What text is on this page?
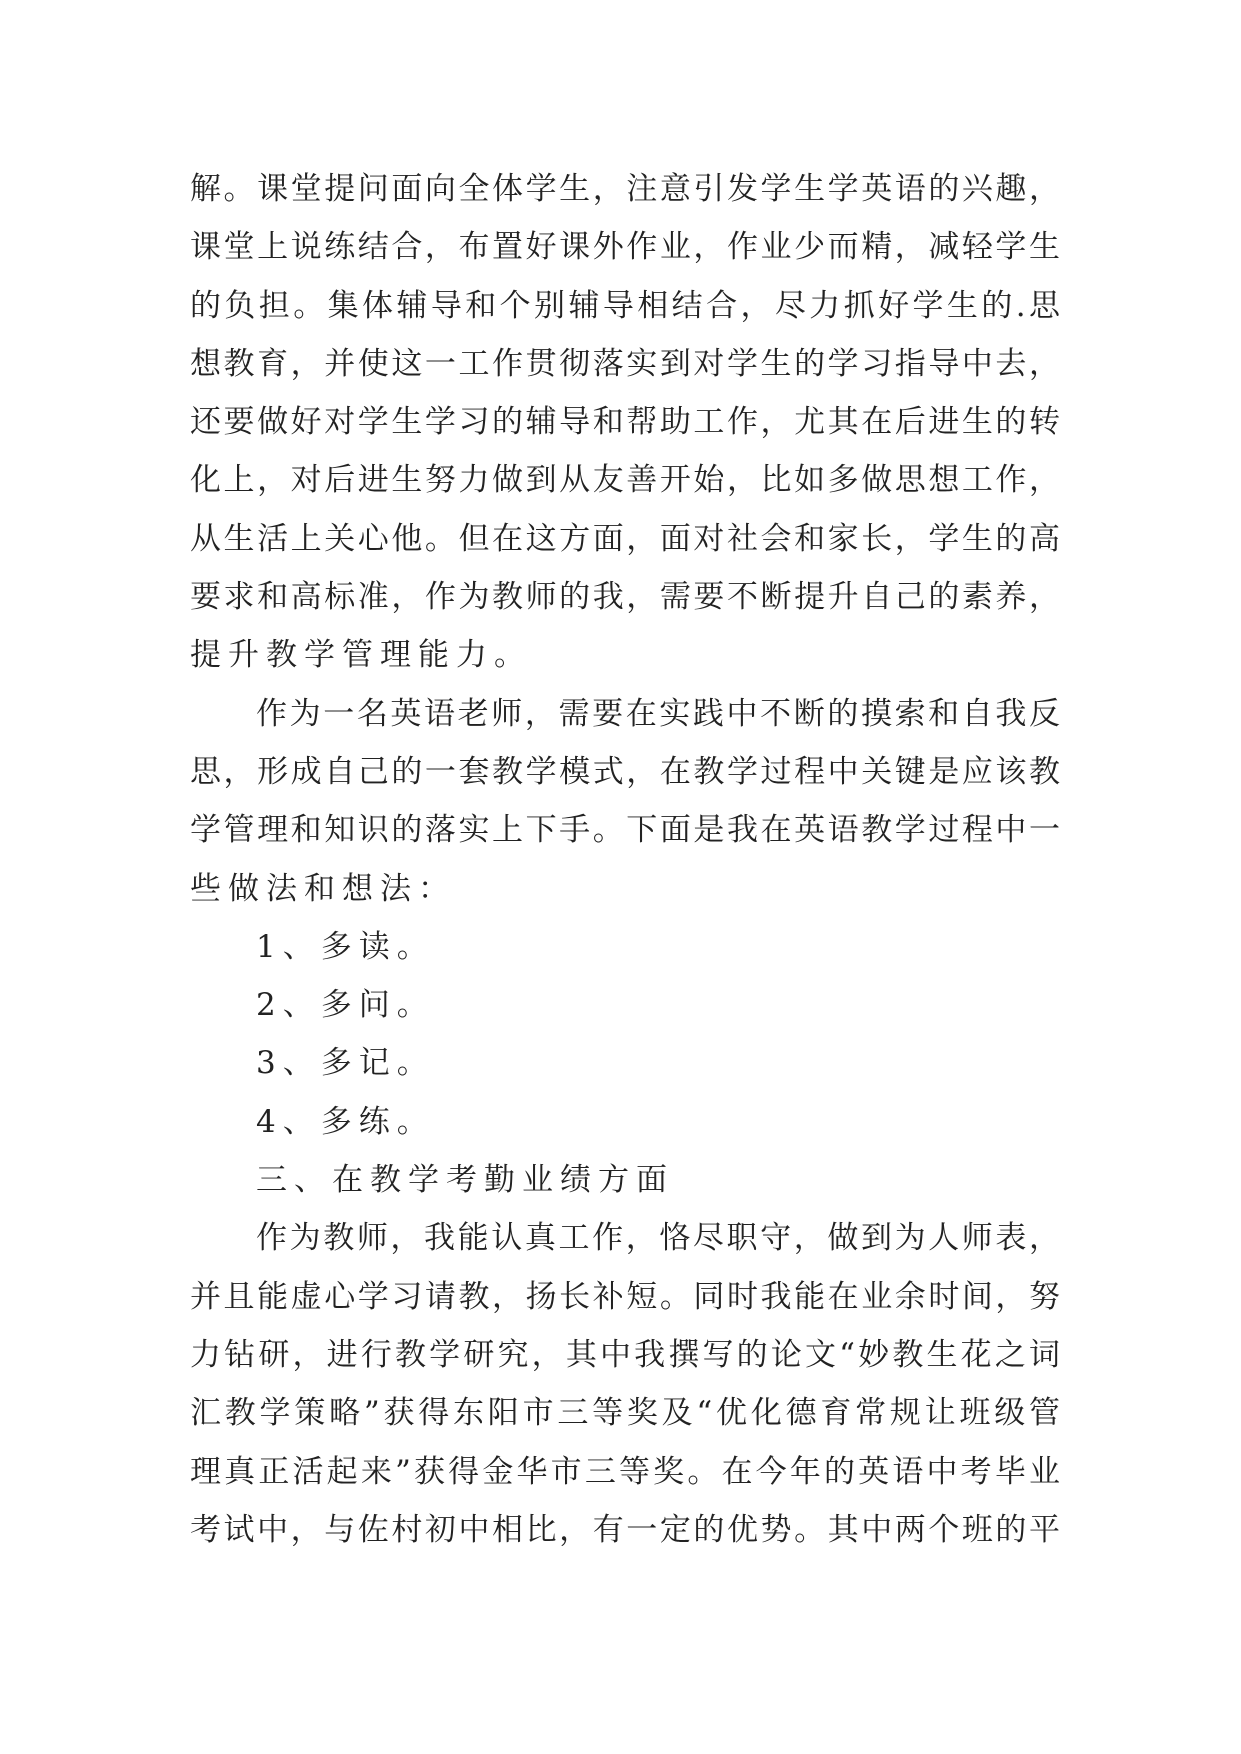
解。课堂提问面向全体学生，注意引发学生学英语的兴趣，
课堂上说练结合，布置好课外作业，作业少而精，减轻学生
的负担。集体辅导和个别辅导相结合，尽力抓好学生的.思
想教育，并使这一工作贯彻落实到对学生的学习指导中去，
还要做好对学生学习的辅导和帮助工作，尤其在后进生的转
化上，对后进生努力做到从友善开始，比如多做思想工作，
从生活上关心他。但在这方面，面对社会和家长，学生的高
要求和高标准，作为教师的我，需要不断提升自己的素养，
提升教学管理能力。
作为一名英语老师，需要在实践中不断的摸索和自我反
思，形成自己的一套教学模式，在教学过程中关键是应该教
学管理和知识的落实上下手。下面是我在英语教学过程中一
些做法和想法：
1、多读。
2、多问。
3、多记。
4、多练。
三、在教学考勤业绩方面
作为教师，我能认真工作，恪尽职守，做到为人师表，
并且能虚心学习请教，扬长补短。同时我能在业余时间，努
力钻研，进行教学研究，其中我撰写的论文“妙教生花之词
汇教学策略”获得东阳市三等奖及“优化德育常规让班级管
理真正活起来”获得金华市三等奖。在今年的英语中考毕业
考试中，与佐村初中相比，有一定的优势。其中两个班的平
